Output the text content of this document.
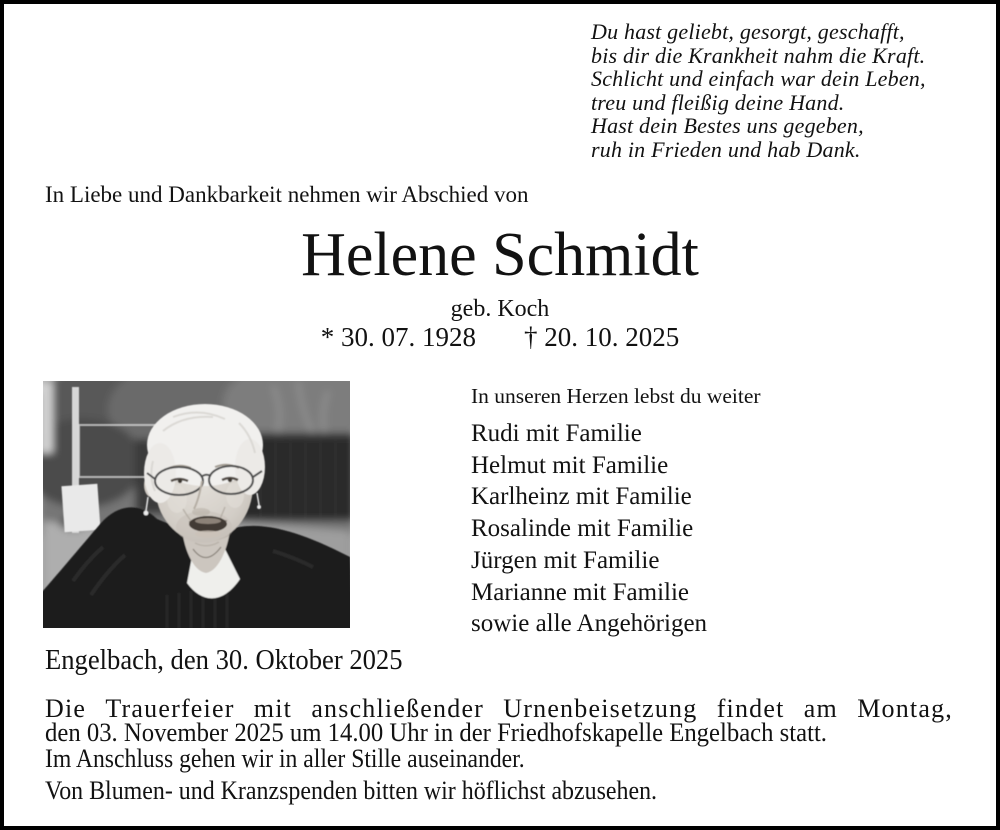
Du hast geliebt, gesorgt, geschafft,
bis dir die Krankheit nahm die Kraft.
Schlicht und einfach war dein Leben,
treu und fleißig deine Hand.
Hast dein Bestes uns gegeben,
ruh in Frieden und hab Dank.
In Liebe und Dankbarkeit nehmen wir Abschied von
Helene Schmidt
geb. Koch
* 30. 07. 1928 † 20. 10. 2025
In unseren Herzen lebst du weiter
Rudi mit Familie
Helmut mit Familie
Karlheinz mit Familie
Rosalinde mit Familie
Jürgen mit Familie
Marianne mit Familie
sowie alle Angehörigen
Engelbach, den 30. Oktober 2025
Die Trauerfeier mit anschließender Urnenbeisetzung findet am Montag,
den 03. November 2025 um 14.00 Uhr in der Friedhofskapelle Engelbach statt.
Im Anschluss gehen wir in aller Stille auseinander.
Von Blumen- und Kranzspenden bitten wir höflichst abzusehen.
